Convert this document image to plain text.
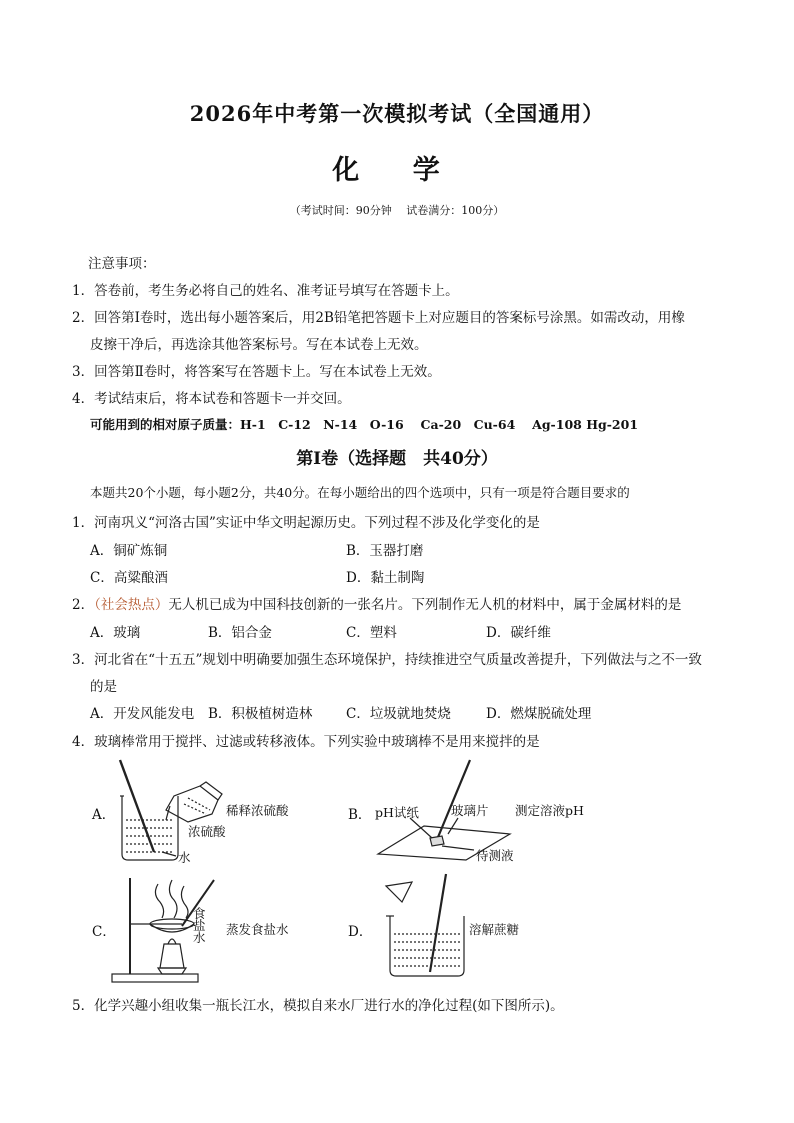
2026年中考第一次模拟考试（全国通用）
化 学
（考试时间：90分钟　 试卷满分：100分）
注意事项：
1．答卷前，考生务必将自己的姓名、准考证号填写在答题卡上。
2．回答第Ⅰ卷时，选出每小题答案后，用2B铅笔把答题卡上对应题目的答案标号涂黑。如需改动，用橡
皮擦干净后，再选涂其他答案标号。写在本试卷上无效。
3．回答第Ⅱ卷时，将答案写在答题卡上。写在本试卷上无效。
4．考试结束后，将本试卷和答题卡一并交回。
可能用到的相对原子质量：H-1　C-12　N-14　O-16　 Ca-20　Cu-64　 Ag-108 Hg-201
第Ⅰ卷（选择题　共40分）
本题共20个小题，每小题2分，共40分。在每小题给出的四个选项中，只有一项是符合题目要求的
1．河南巩义“河洛古国”实证中华文明起源历史。下列过程不涉及化学变化的是
A．铜矿炼铜	B．玉器打磨
C．高粱酿酒	D．黏土制陶
2．（社会热点）无人机已成为中国科技创新的一张名片。下列制作无人机的材料中，属于金属材料的是
A．玻璃	B．铝合金	C．塑料	D．碳纤维
3．河北省在“十五五”规划中明确要加强生态环境保护，持续推进空气质量改善提升，下列做法与之不一致
的是
A．开发风能发电 B．积极植树造林 C．垃圾就地焚烧	D．燃煤脱硫处理
4．玻璃棒常用于搅拌、过滤或转移液体。下列实验中玻璃棒不是用来搅拌的是
A．	稀释浓硫酸
浓硫酸
水
B． pH试纸	玻璃片 测定溶液pH
待测液
C．
食
盐
水
蒸发食盐水	D．	溶解蔗糖
5．化学兴趣小组收集一瓶长江水，模拟自来水厂进行水的净化过程(如下图所示)。
